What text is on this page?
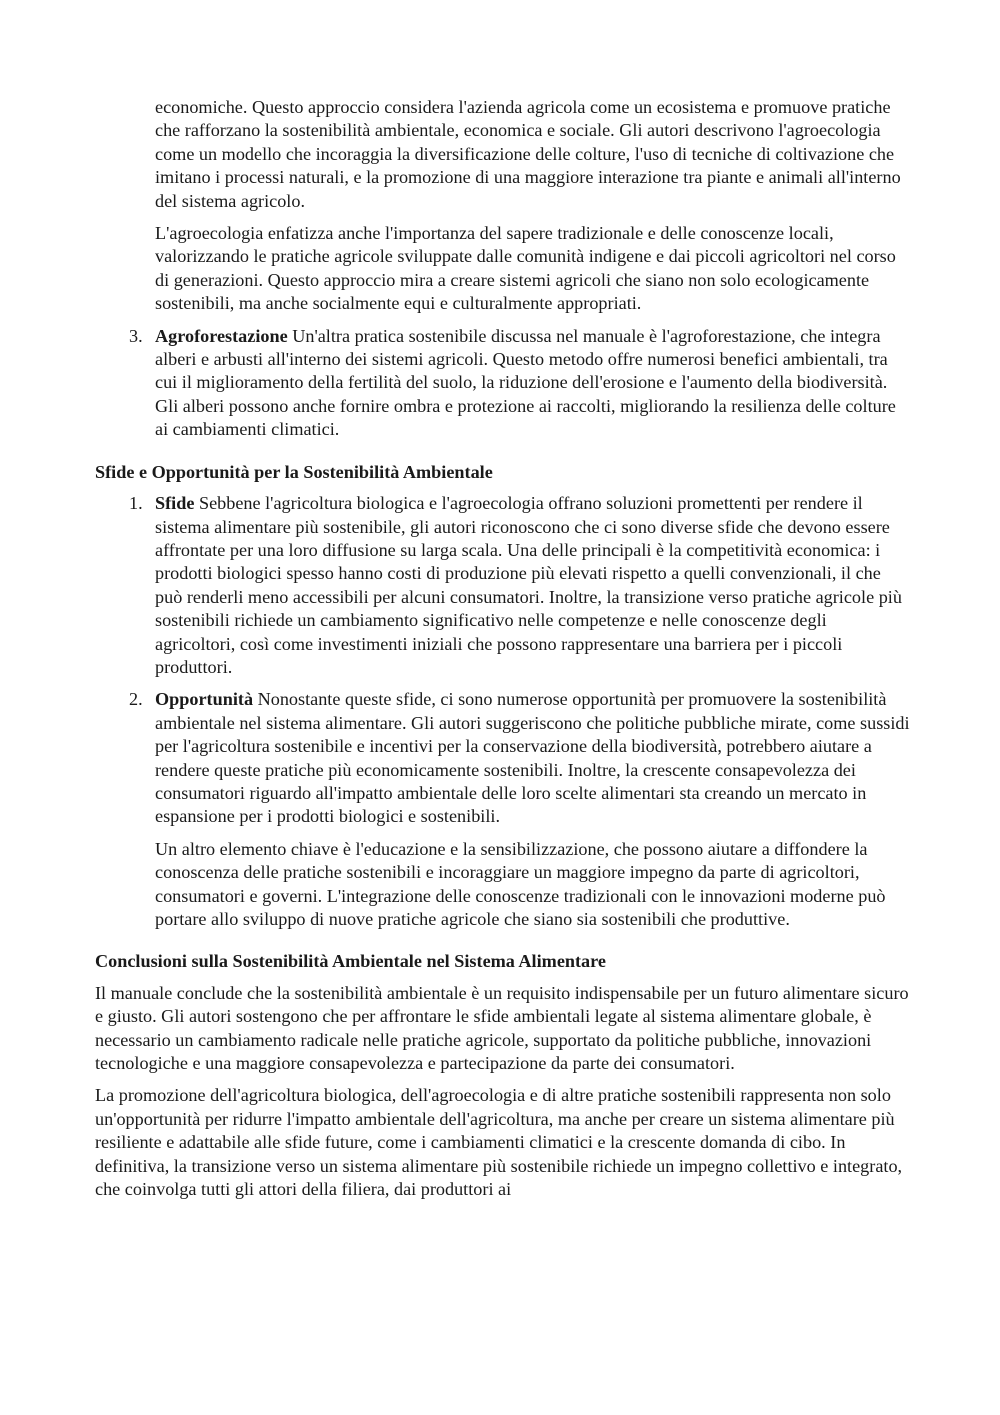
economiche. Questo approccio considera l'azienda agricola come un ecosistema e promuove pratiche che rafforzano la sostenibilità ambientale, economica e sociale. Gli autori descrivono l'agroecologia come un modello che incoraggia la diversificazione delle colture, l'uso di tecniche di coltivazione che imitano i processi naturali, e la promozione di una maggiore interazione tra piante e animali all'interno del sistema agricolo.

L'agroecologia enfatizza anche l'importanza del sapere tradizionale e delle conoscenze locali, valorizzando le pratiche agricole sviluppate dalle comunità indigene e dai piccoli agricoltori nel corso di generazioni. Questo approccio mira a creare sistemi agricoli che siano non solo ecologicamente sostenibili, ma anche socialmente equi e culturalmente appropriati.

3. Agroforestazione Un'altra pratica sostenibile discussa nel manuale è l'agroforestazione, che integra alberi e arbusti all'interno dei sistemi agricoli. Questo metodo offre numerosi benefici ambientali, tra cui il miglioramento della fertilità del suolo, la riduzione dell'erosione e l'aumento della biodiversità. Gli alberi possono anche fornire ombra e protezione ai raccolti, migliorando la resilienza delle colture ai cambiamenti climatici.
Sfide e Opportunità per la Sostenibilità Ambientale
1. Sfide Sebbene l'agricoltura biologica e l'agroecologia offrano soluzioni promettenti per rendere il sistema alimentare più sostenibile, gli autori riconoscono che ci sono diverse sfide che devono essere affrontate per una loro diffusione su larga scala. Una delle principali è la competitività economica: i prodotti biologici spesso hanno costi di produzione più elevati rispetto a quelli convenzionali, il che può renderli meno accessibili per alcuni consumatori. Inoltre, la transizione verso pratiche agricole più sostenibili richiede un cambiamento significativo nelle competenze e nelle conoscenze degli agricoltori, così come investimenti iniziali che possono rappresentare una barriera per i piccoli produttori.
2. Opportunità Nonostante queste sfide, ci sono numerose opportunità per promuovere la sostenibilità ambientale nel sistema alimentare. Gli autori suggeriscono che politiche pubbliche mirate, come sussidi per l'agricoltura sostenibile e incentivi per la conservazione della biodiversità, potrebbero aiutare a rendere queste pratiche più economicamente sostenibili. Inoltre, la crescente consapevolezza dei consumatori riguardo all'impatto ambientale delle loro scelte alimentari sta creando un mercato in espansione per i prodotti biologici e sostenibili.

Un altro elemento chiave è l'educazione e la sensibilizzazione, che possono aiutare a diffondere la conoscenza delle pratiche sostenibili e incoraggiare un maggiore impegno da parte di agricoltori, consumatori e governi. L'integrazione delle conoscenze tradizionali con le innovazioni moderne può portare allo sviluppo di nuove pratiche agricole che siano sia sostenibili che produttive.

Conclusioni sulla Sostenibilità Ambientale nel Sistema Alimentare

Il manuale conclude che la sostenibilità ambientale è un requisito indispensabile per un futuro alimentare sicuro e giusto. Gli autori sostengono che per affrontare le sfide ambientali legate al sistema alimentare globale, è necessario un cambiamento radicale nelle pratiche agricole, supportato da politiche pubbliche, innovazioni tecnologiche e una maggiore consapevolezza e partecipazione da parte dei consumatori.

La promozione dell'agricoltura biologica, dell'agroecologia e di altre pratiche sostenibili rappresenta non solo un'opportunità per ridurre l'impatto ambientale dell'agricoltura, ma anche per creare un sistema alimentare più resiliente e adattabile alle sfide future, come i cambiamenti climatici e la crescente domanda di cibo. In definitiva, la transizione verso un sistema alimentare più sostenibile richiede un impegno collettivo e integrato, che coinvolga tutti gli attori della filiera, dai produttori ai
